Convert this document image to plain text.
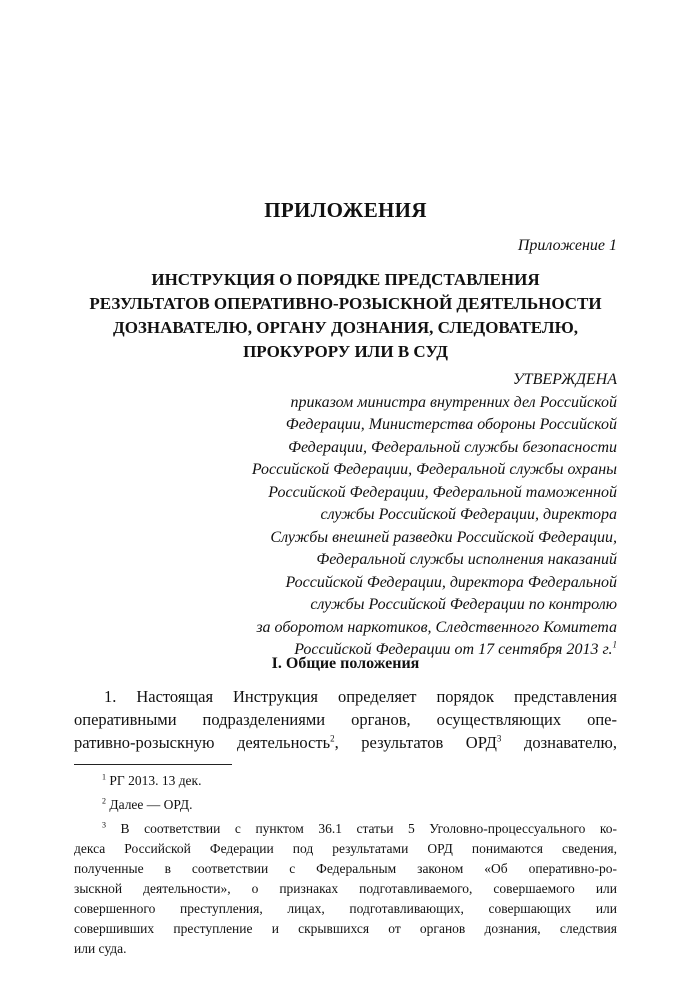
ПРИЛОЖЕНИЯ

Приложение 1

ИНСТРУКЦИЯ О ПОРЯДКЕ ПРЕДСТАВЛЕНИЯ
РЕЗУЛЬТАТОВ ОПЕРАТИВНО-РОЗЫСКНОЙ ДЕЯТЕЛЬНОСТИ
ДОЗНАВАТЕЛЮ, ОРГАНУ ДОЗНАНИЯ, СЛЕДОВАТЕЛЮ,
ПРОКУРОРУ ИЛИ В СУД
УТВЕРЖДЕНА
приказом министра внутренних дел Российской
Федерации, Министерства обороны Российской
Федерации, Федеральной службы безопасности
Российской Федерации, Федеральной службы охраны
Российской Федерации, Федеральной таможенной
службы Российской Федерации, директора
Службы внешней разведки Российской Федерации,
Федеральной службы исполнения наказаний
Российской Федерации, директора Федеральной
службы Российской Федерации по контролю
за оборотом наркотиков, Следственного Комитета
Российской Федерации от 17 сентября 2013 г.$^1$
I. Общие положения
1. Настоящая Инструкция определяет порядок представления
оперативными подразделениями органов, осуществляющих опе-
ративно-розыскную деятельность$^2$, результатов ОРД$^3$ дознавателю,
$^1$ РГ 2013. 13 дек.
$^2$ Далее — ОРД.
$^3$ В соответствии с пунктом 36.1 статьи 5 Уголовно-процессуального ко-
декса Российской Федерации под результатами ОРД понимаются сведения,
полученные в соответствии с Федеральным законом «Об оперативно-ро-
зыскной деятельности», о признаках подготавливаемого, совершаемого или
совершенного преступления, лицах, подготавливающих, совершающих или
совершивших преступление и скрывшихся от органов дознания, следствия
или суда.
